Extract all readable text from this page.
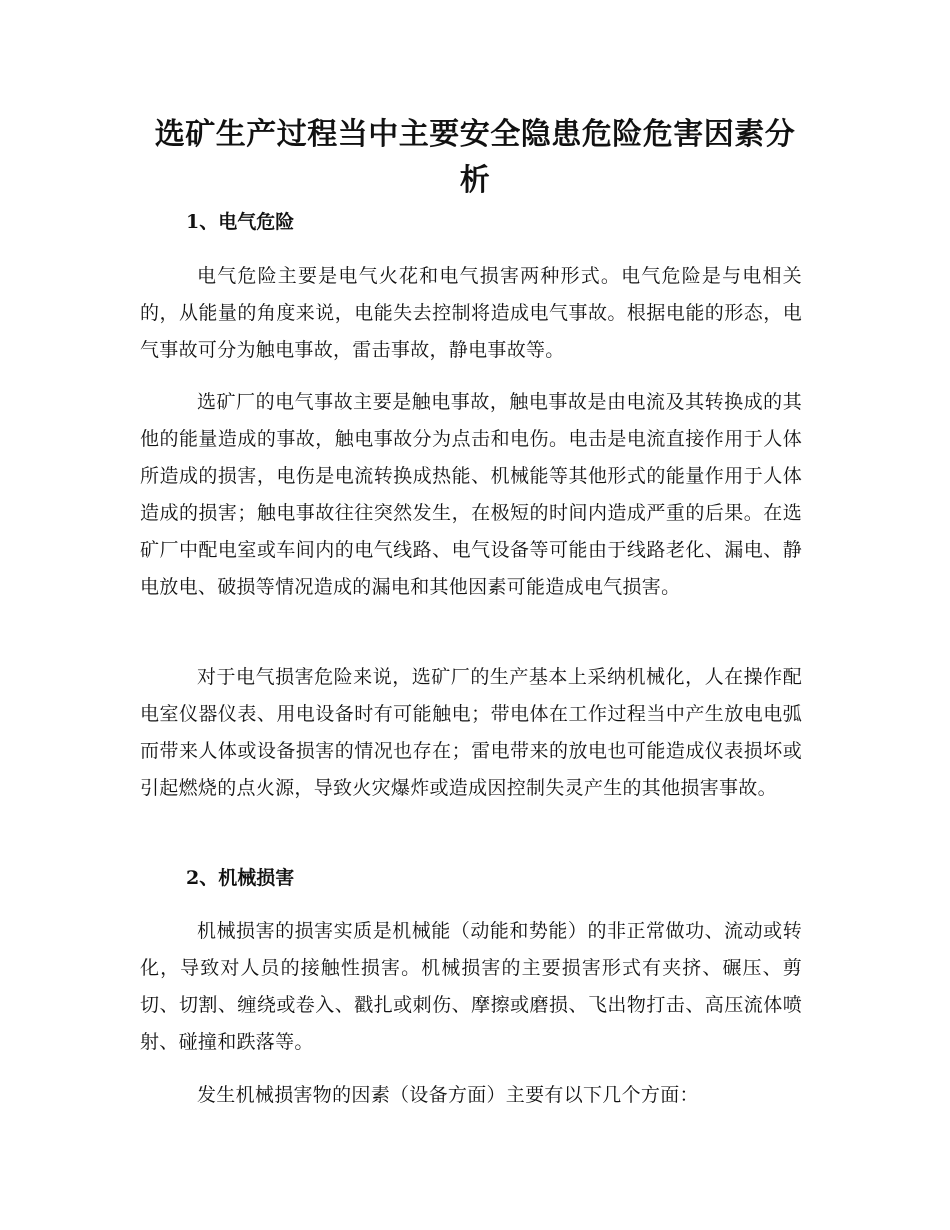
选矿生产过程当中主要安全隐患危险危害因素分析
1、电气危险

电气危险主要是电气火花和电气损害两种形式。电气危险是与电相关的，从能量的角度来说，电能失去控制将造成电气事故。根据电能的形态，电气事故可分为触电事故，雷击事故，静电事故等。

选矿厂的电气事故主要是触电事故，触电事故是由电流及其转换成的其他的能量造成的事故，触电事故分为点击和电伤。电击是电流直接作用于人体所造成的损害，电伤是电流转换成热能、机械能等其他形式的能量作用于人体造成的损害；触电事故往往突然发生，在极短的时间内造成严重的后果。在选矿厂中配电室或车间内的电气线路、电气设备等可能由于线路老化、漏电、静电放电、破损等情况造成的漏电和其他因素可能造成电气损害。

对于电气损害危险来说，选矿厂的生产基本上采纳机械化，人在操作配电室仪器仪表、用电设备时有可能触电；带电体在工作过程当中产生放电电弧而带来人体或设备损害的情况也存在；雷电带来的放电也可能造成仪表损坏或引起燃烧的点火源，导致火灾爆炸或造成因控制失灵产生的其他损害事故。

2、机械损害

机械损害的损害实质是机械能（动能和势能）的非正常做功、流动或转化，导致对人员的接触性损害。机械损害的主要损害形式有夹挤、碾压、剪切、切割、缠绕或卷入、戳扎或刺伤、摩擦或磨损、飞出物打击、高压流体喷射、碰撞和跌落等。

发生机械损害物的因素（设备方面）主要有以下几个方面：
